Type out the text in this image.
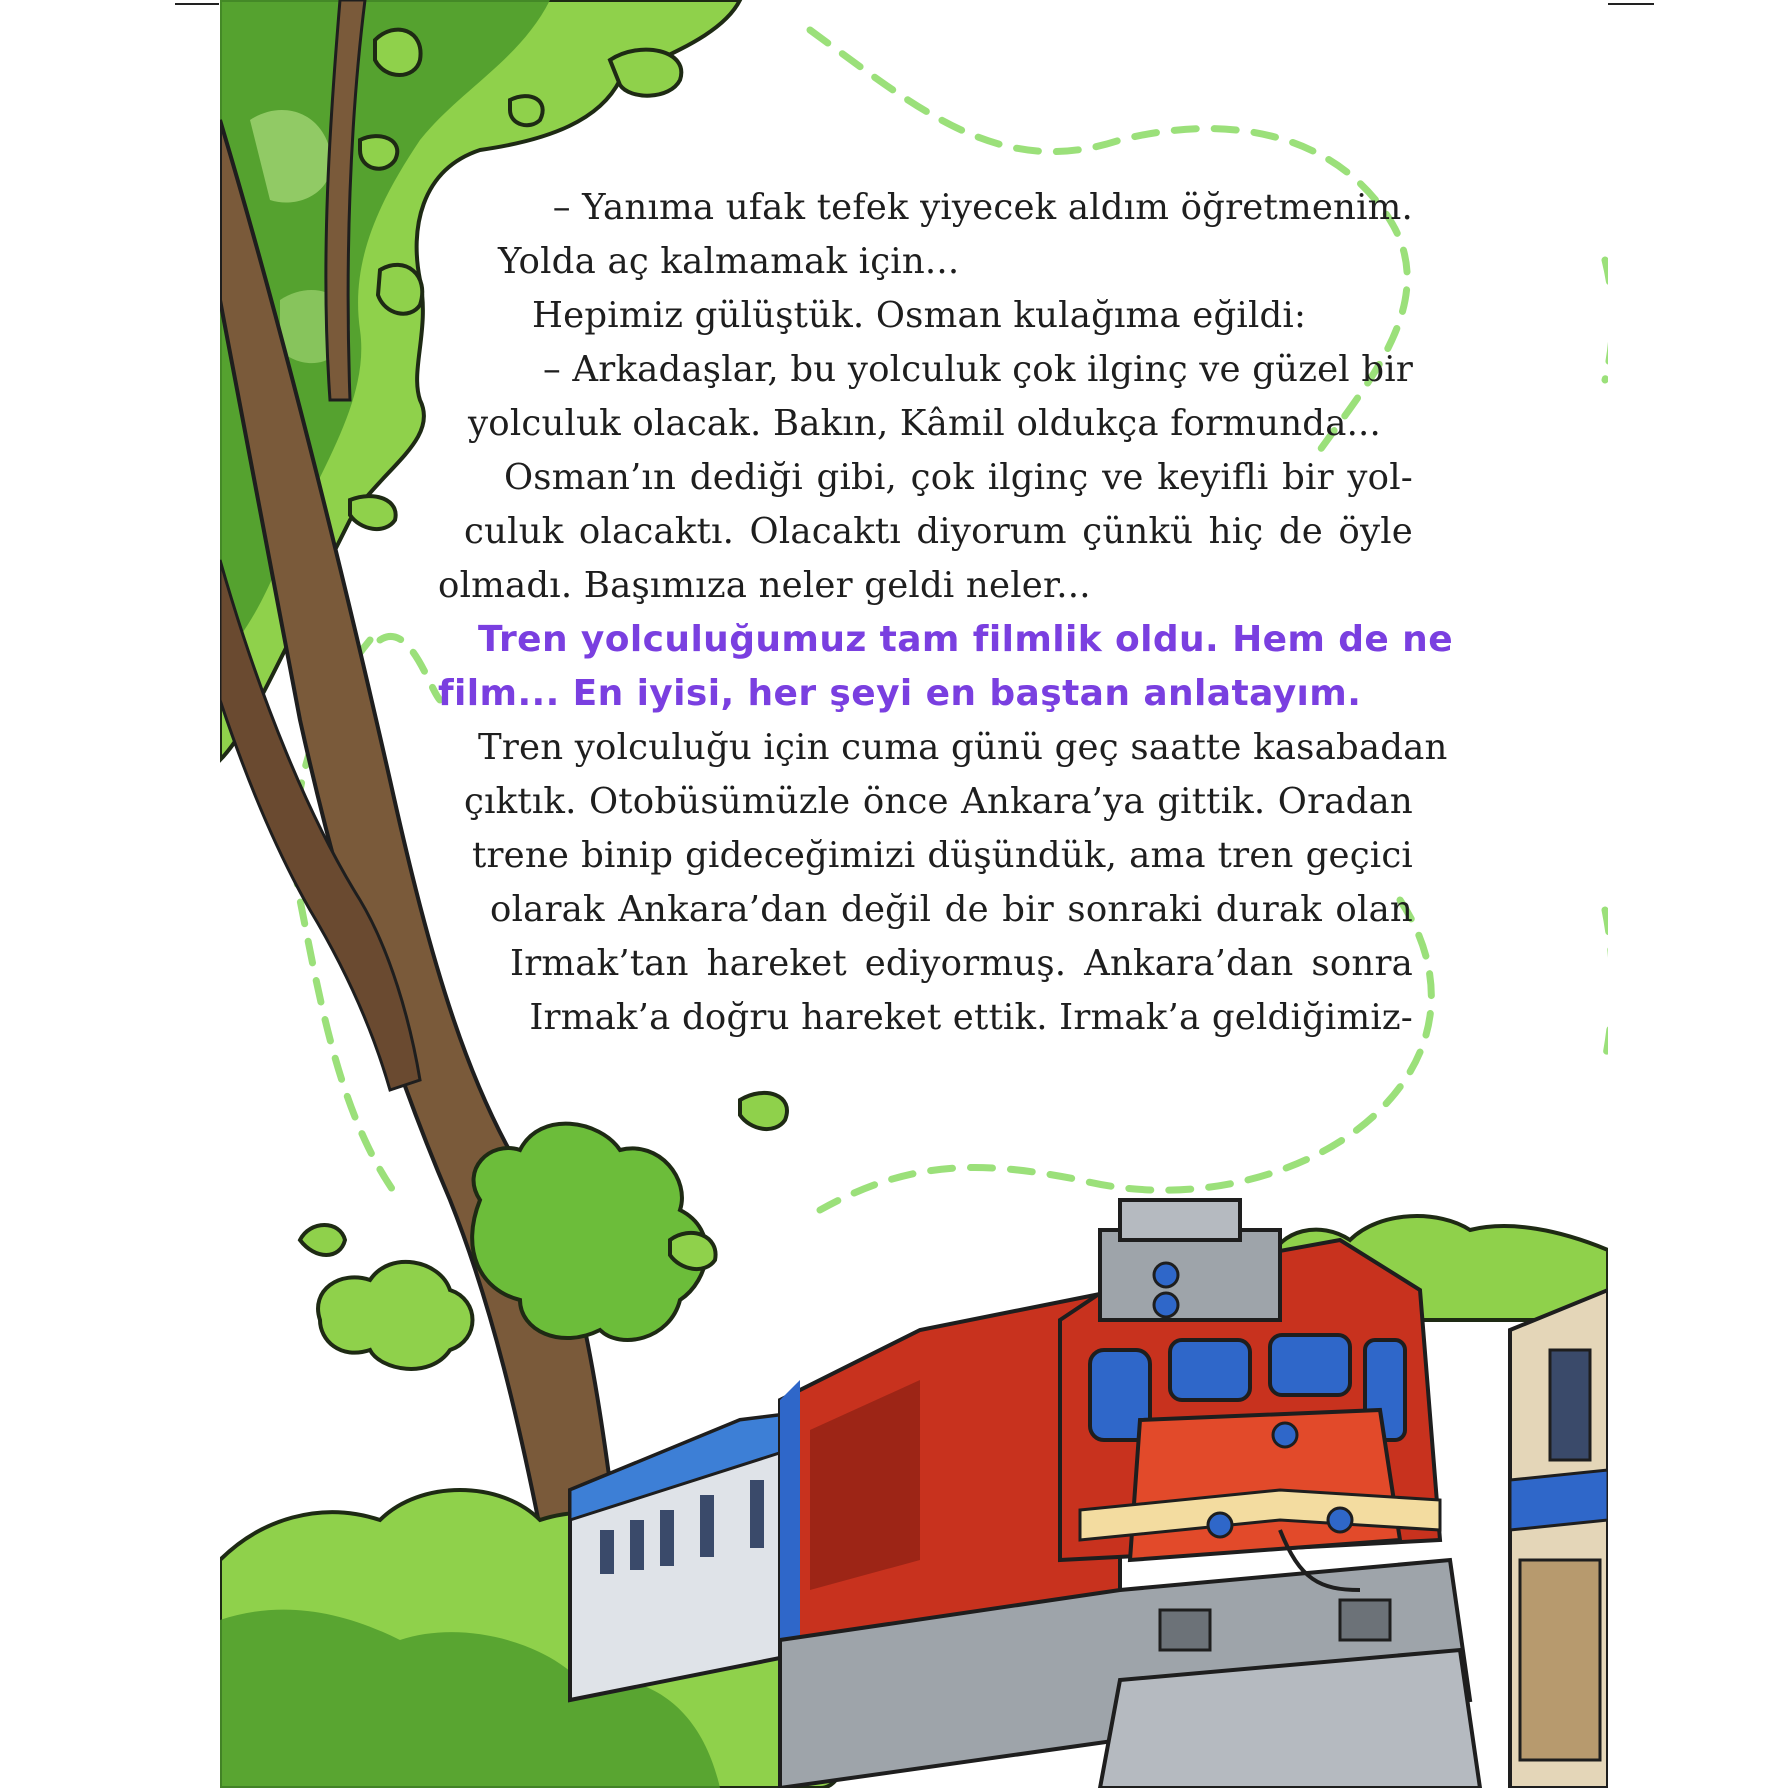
– Yanıma ufak tefek yiyecek aldım öğretmenim.
Yolda aç kalmamak için...
Hepimiz gülüştük. Osman kulağıma eğildi:
– Arkadaşlar, bu yolculuk çok ilginç ve güzel bir
yolculuk olacak. Bakın, Kâmil oldukça formunda...
Osman’ın dediği gibi, çok ilginç ve keyifli bir yol-
culuk olacaktı. Olacaktı diyorum çünkü hiç de öyle
olmadı. Başımıza neler geldi neler...
Tren yolculuğumuz tam filmlik oldu. Hem de ne
film... En iyisi, her şeyi en baştan anlatayım.
Tren yolculuğu için cuma günü geç saatte kasabadan
çıktık. Otobüsümüzle önce Ankara’ya gittik. Oradan
trene binip gideceğimizi düşündük, ama tren geçici
olarak Ankara’dan değil de bir sonraki durak olan
Irmak’tan hareket ediyormuş. Ankara’dan sonra
Irmak’a doğru hareket ettik. Irmak’a geldiğimiz-
